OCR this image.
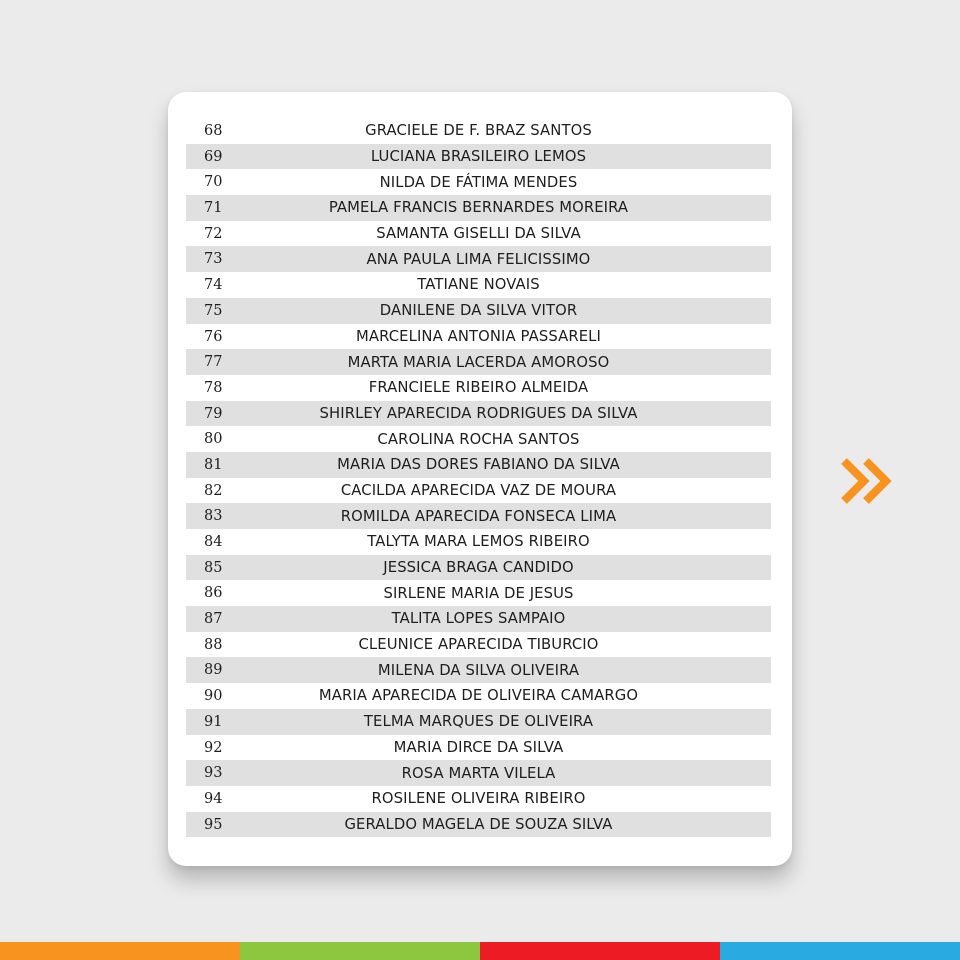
68	GRACIELE DE F. BRAZ SANTOS
69	LUCIANA BRASILEIRO LEMOS
70	NILDA DE FÁTIMA MENDES
71	PAMELA FRANCIS BERNARDES MOREIRA
72	SAMANTA GISELLI DA SILVA
73	ANA PAULA LIMA FELICISSIMO
74	TATIANE NOVAIS
75	DANILENE DA SILVA VITOR
76	MARCELINA ANTONIA PASSARELI
77	MARTA MARIA LACERDA AMOROSO
78	FRANCIELE RIBEIRO ALMEIDA
79	SHIRLEY APARECIDA RODRIGUES DA SILVA
80	CAROLINA ROCHA SANTOS
81	MARIA DAS DORES FABIANO DA SILVA
82	CACILDA APARECIDA VAZ DE MOURA
83	ROMILDA APARECIDA FONSECA LIMA
84	TALYTA MARA LEMOS RIBEIRO
85	JESSICA BRAGA CANDIDO
86	SIRLENE MARIA DE JESUS
87	TALITA LOPES SAMPAIO
88	CLEUNICE APARECIDA TIBURCIO
89	MILENA DA SILVA OLIVEIRA
90	MARIA APARECIDA DE OLIVEIRA CAMARGO
91	TELMA MARQUES DE OLIVEIRA
92	MARIA DIRCE DA SILVA
93	ROSA MARTA VILELA
94	ROSILENE OLIVEIRA RIBEIRO
95	GERALDO MAGELA DE SOUZA SILVA
